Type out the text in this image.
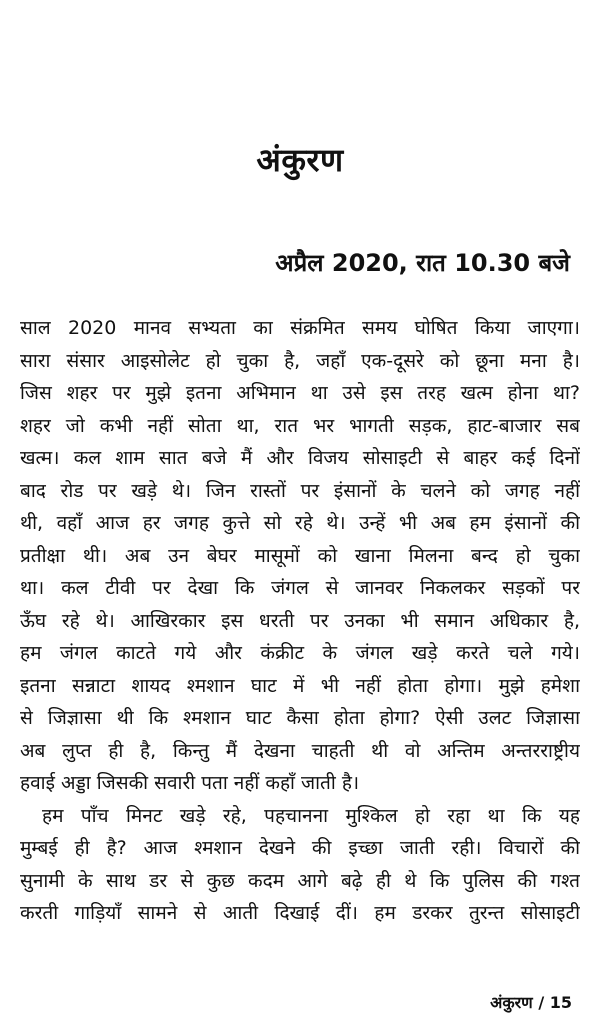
अंकुरण
अप्रैल 2020, रात 10.30 बजे
साल 2020 मानव सभ्यता का संक्रमित समय घोषित किया जाएगा।
सारा संसार आइसोलेट हो चुका है, जहाँ एक-दूसरे को छूना मना है।
जिस शहर पर मुझे इतना अभिमान था उसे इस तरह खत्म होना था?
शहर जो कभी नहीं सोता था, रात भर भागती सड़क, हाट-बाजार सब
खत्म। कल शाम सात बजे मैं और विजय सोसाइटी से बाहर कई दिनों
बाद रोड पर खड़े थे। जिन रास्तों पर इंसानों के चलने को जगह नहीं
थी, वहाँ आज हर जगह कुत्ते सो रहे थे। उन्हें भी अब हम इंसानों की
प्रतीक्षा थी। अब उन बेघर मासूमों को खाना मिलना बन्द हो चुका
था। कल टीवी पर देखा कि जंगल से जानवर निकलकर सड़कों पर
ऊँघ रहे थे। आखिरकार इस धरती पर उनका भी समान अधिकार है,
हम जंगल काटते गये और कंक्रीट के जंगल खड़े करते चले गये।
इतना सन्नाटा शायद श्मशान घाट में भी नहीं होता होगा। मुझे हमेशा
से जिज्ञासा थी कि श्मशान घाट कैसा होता होगा? ऐसी उलट जिज्ञासा
अब लुप्त ही है, किन्तु मैं देखना चाहती थी वो अन्तिम अन्तरराष्ट्रीय
हवाई अड्डा जिसकी सवारी पता नहीं कहाँ जाती है।
हम पाँच मिनट खड़े रहे, पहचानना मुश्किल हो रहा था कि यह
मुम्बई ही है? आज श्मशान देखने की इच्छा जाती रही। विचारों की
सुनामी के साथ डर से कुछ कदम आगे बढ़े ही थे कि पुलिस की गश्त
करती गाड़ियाँ सामने से आती दिखाई दीं। हम डरकर तुरन्त सोसाइटी
अंकुरण / 15
